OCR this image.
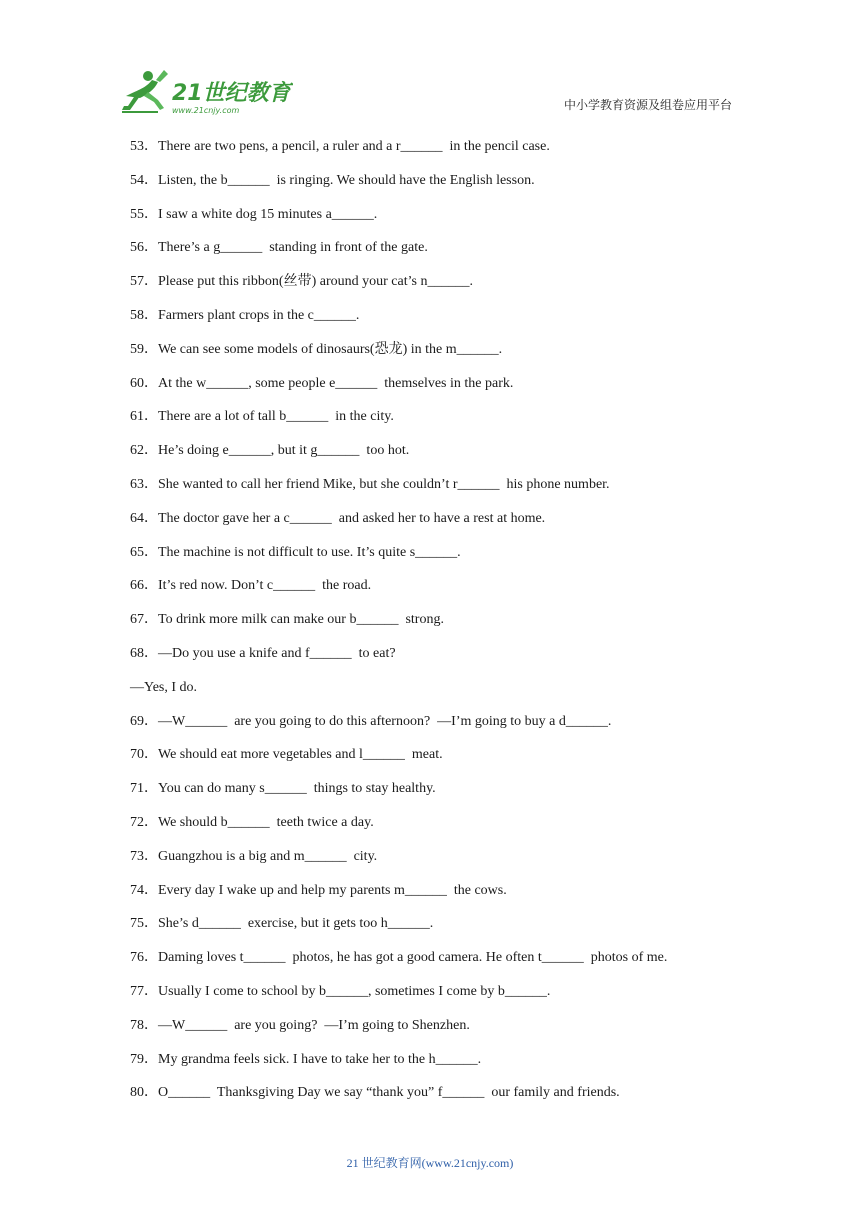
21世纪教育
www.21cnjy.com	中小学教育资源及组卷应用平台
53．There are two pens, a pencil, a ruler and a r______  in the pencil case.
54．Listen, the b______  is ringing. We should have the English lesson.
55．I saw a white dog 15 minutes a______.
56．There’s a g______  standing in front of the gate.
57．Please put this ribbon(丝带) around your cat’s n______.
58．Farmers plant crops in the c______.
59．We can see some models of dinosaurs(恐龙) in the m______.
60．At the w______, some people e______  themselves in the park.
61．There are a lot of tall b______  in the city.
62．He’s doing e______, but it g______  too hot.
63．She wanted to call her friend Mike, but she couldn’t r______  his phone number.
64．The doctor gave her a c______  and asked her to have a rest at home.
65．The machine is not difficult to use. It’s quite s______.
66．It’s red now. Don’t c______  the road.
67．To drink more milk can make our b______  strong.
68．—Do you use a knife and f______  to eat?
—Yes, I do.
69．—W______  are you going to do this afternoon?  —I’m going to buy a d______.
70．We should eat more vegetables and l______  meat.
71．You can do many s______  things to stay healthy.
72．We should b______  teeth twice a day.
73．Guangzhou is a big and m______  city.
74．Every day I wake up and help my parents m______  the cows.
75．She’s d______  exercise, but it gets too h______.
76．Daming loves t______  photos, he has got a good camera. He often t______  photos of me.
77．Usually I come to school by b______, sometimes I come by b______.
78．—W______  are you going?  —I’m going to Shenzhen.
79．My grandma feels sick. I have to take her to the h______.
80．O______  Thanksgiving Day we say “thank you” f______  our family and friends.
21 世纪教育网(www.21cnjy.com)
